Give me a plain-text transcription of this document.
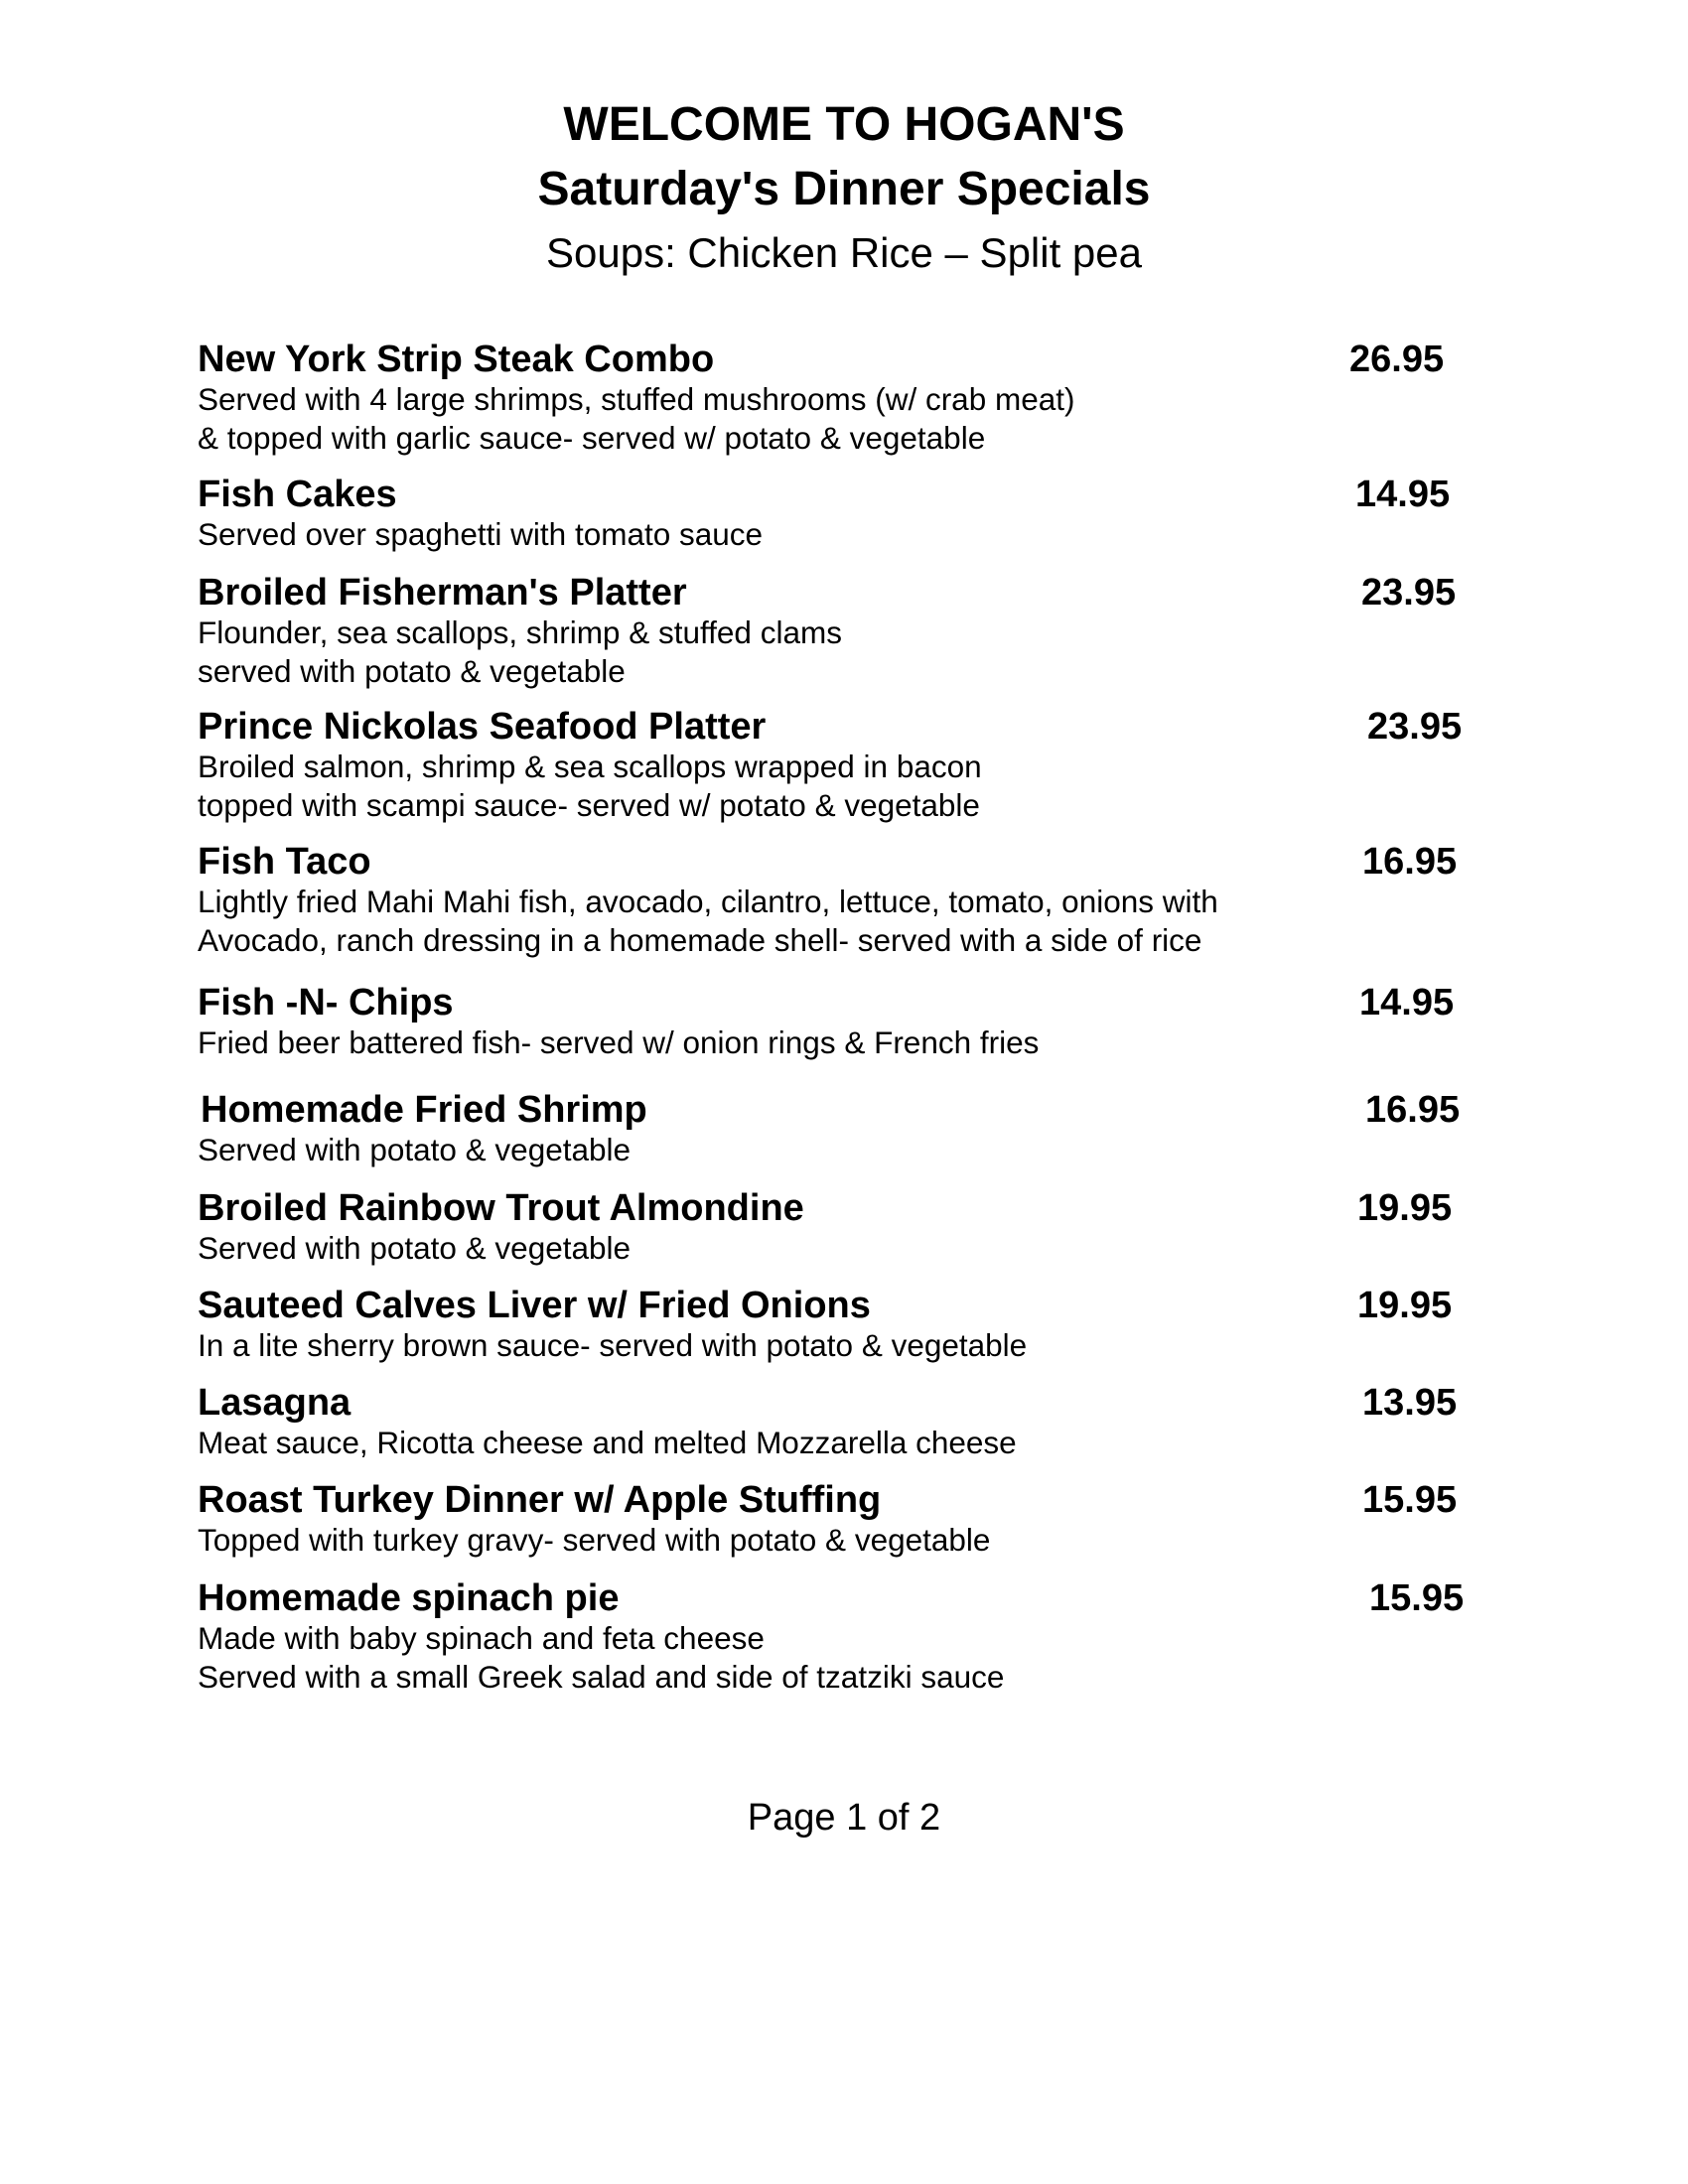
WELCOME TO HOGAN'S
Saturday's Dinner Specials
Soups: Chicken Rice – Split pea
New York Strip Steak Combo	26.95
Served with 4 large shrimps, stuffed mushrooms (w/ crab meat)
& topped with garlic sauce- served w/ potato & vegetable
Fish Cakes	14.95
Served over spaghetti with tomato sauce
Broiled Fisherman's Platter	23.95
Flounder, sea scallops, shrimp & stuffed clams
served with potato & vegetable
Prince Nickolas Seafood Platter	23.95
Broiled salmon, shrimp & sea scallops wrapped in bacon
topped with scampi sauce- served w/ potato & vegetable
Fish Taco	16.95
Lightly fried Mahi Mahi fish, avocado, cilantro, lettuce, tomato, onions with
Avocado, ranch dressing in a homemade shell- served with a side of rice
Fish -N- Chips	14.95
Fried beer battered fish- served w/ onion rings & French fries
Homemade Fried Shrimp	16.95
Served with potato & vegetable
Broiled Rainbow Trout Almondine	19.95
Served with potato & vegetable
Sauteed Calves Liver w/ Fried Onions	19.95
In a lite sherry brown sauce- served with potato & vegetable
Lasagna	13.95
Meat sauce, Ricotta cheese and melted Mozzarella cheese
Roast Turkey Dinner w/ Apple Stuffing	15.95
Topped with turkey gravy- served with potato & vegetable
Homemade spinach pie	15.95
Made with baby spinach and feta cheese
Served with a small Greek salad and side of tzatziki sauce
Page 1 of 2
